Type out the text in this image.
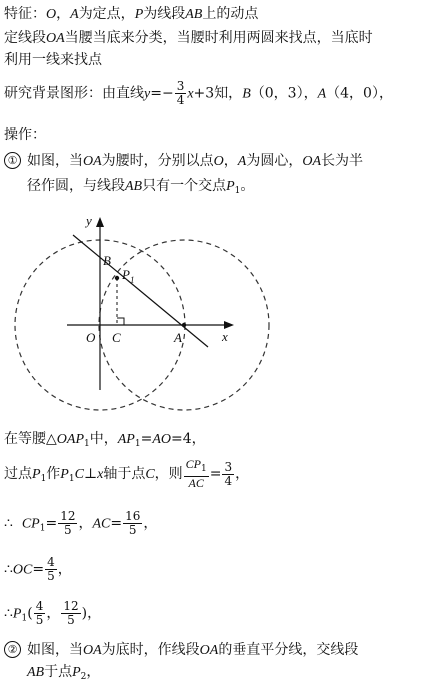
特征：O，A为定点，P为线段AB上的动点
定线段OA当腰当底来分类，当腰时利用两圆来找点，当底时
利用一线来找点
研究背景图形：由直线$y=- \frac{3}{4} x+3$知，B（0，3），A（4，0），
操作：
① 如图，当OA为腰时，分别以点O，A为圆心，OA长为半
径作圆，与线段AB只有一个交点$P_1$。
y
x
B
$P_1$
O C	A
在等腰$\triangle OAP_1$中，$AP_1=AO=4$，
过点$P_1$作$P_1C\perp x$轴于点C，则 $\frac{CP_1}{AC} = \frac{3}{4}$ ，
∴ $CP_1= \frac{12}{5}$ ，$AC= \frac{16}{5}$ ，
∴OC= $\frac{4}{5}$ ，
$\therefore P_1( \frac{4}{5}$ ， $\frac{12}{5}$ )，
② 如图，当OA为底时，作线段OA的垂直平分线，交线段
AB于点$P_2$，
